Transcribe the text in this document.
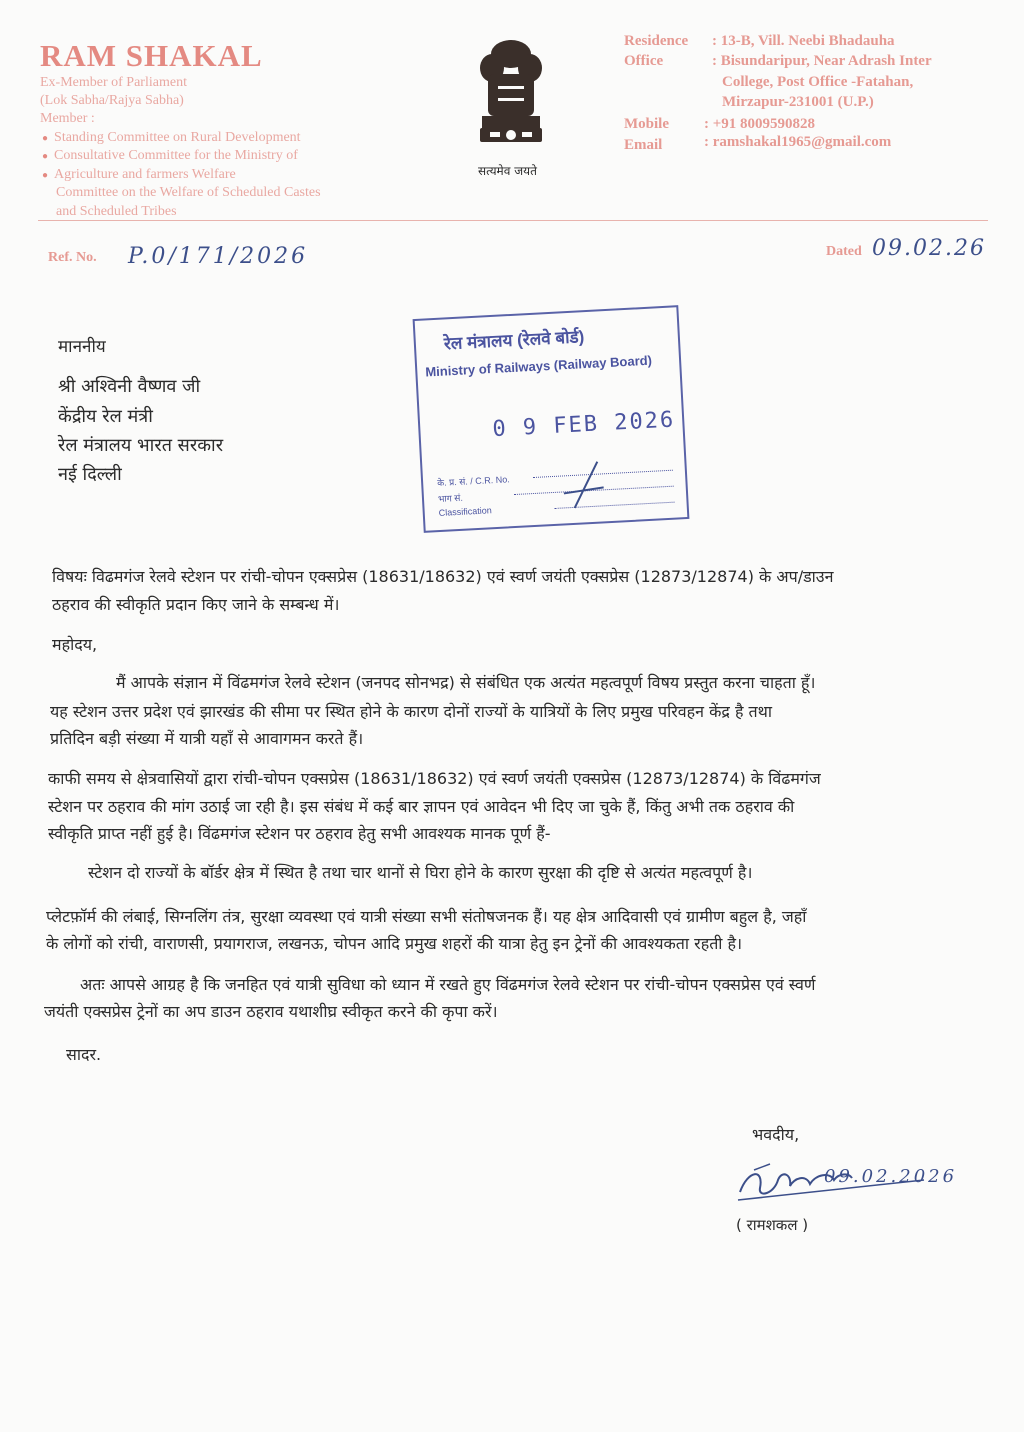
RAM SHAKAL
Ex-Member of Parliament
(Lok Sabha/Rajya Sabha)
Member :
● Standing Committee on Rural Development
● Consultative Committee for the Ministry of
● Agriculture and farmers Welfare
Committee on the Welfare of Scheduled Castes
and Scheduled Tribes
सत्यमेव जयते
Residence
Office
: 13-B, Vill. Neebi Bhadauha
: Bisundaripur, Near Adrash Inter
College, Post Office -Fatahan,
Mirzapur-231001 (U.P.)
Mobile : +91 8009590828
Email	: ramshakal1965@gmail.com
Ref. No. P.0/171/2026	Dated 09.02.26
माननीय
श्री अश्विनी वैष्णव जी
केंद्रीय रेल मंत्री
रेल मंत्रालय भारत सरकार
नई दिल्ली
रेल मंत्रालय (रेलवे बोर्ड)
Ministry of Railways (Railway Board)
0 9 FEB 2026
के. प्र. सं. / C.R. No.
भाग सं.
Classification
विषयः विढमगंज रेलवे स्टेशन पर रांची-चोपन एक्सप्रेस (18631/18632) एवं स्वर्ण जयंती एक्सप्रेस (12873/12874) के अप/डाउन
ठहराव की स्वीकृति प्रदान किए जाने के सम्बन्ध में।
महोदय,
मैं आपके संज्ञान में विंढमगंज रेलवे स्टेशन (जनपद सोनभद्र) से संबंधित एक अत्यंत महत्वपूर्ण विषय प्रस्तुत करना चाहता हूँ।
यह स्टेशन उत्तर प्रदेश एवं झारखंड की सीमा पर स्थित होने के कारण दोनों राज्यों के यात्रियों के लिए प्रमुख परिवहन केंद्र है तथा
प्रतिदिन बड़ी संख्या में यात्री यहाँ से आवागमन करते हैं।
काफी समय से क्षेत्रवासियों द्वारा रांची-चोपन एक्सप्रेस (18631/18632) एवं स्वर्ण जयंती एक्सप्रेस (12873/12874) के विंढमगंज
स्टेशन पर ठहराव की मांग उठाई जा रही है। इस संबंध में कई बार ज्ञापन एवं आवेदन भी दिए जा चुके हैं, किंतु अभी तक ठहराव की
स्वीकृति प्राप्त नहीं हुई है। विंढमगंज स्टेशन पर ठहराव हेतु सभी आवश्यक मानक पूर्ण हैं-
स्टेशन दो राज्यों के बॉर्डर क्षेत्र में स्थित है तथा चार थानों से घिरा होने के कारण सुरक्षा की दृष्टि से अत्यंत महत्वपूर्ण है।
प्लेटफ़ॉर्म की लंबाई, सिग्नलिंग तंत्र, सुरक्षा व्यवस्था एवं यात्री संख्या सभी संतोषजनक हैं। यह क्षेत्र आदिवासी एवं ग्रामीण बहुल है, जहाँ
के लोगों को रांची, वाराणसी, प्रयागराज, लखनऊ, चोपन आदि प्रमुख शहरों की यात्रा हेतु इन ट्रेनों की आवश्यकता रहती है।
अतः आपसे आग्रह है कि जनहित एवं यात्री सुविधा को ध्यान में रखते हुए विंढमगंज रेलवे स्टेशन पर रांची-चोपन एक्सप्रेस एवं स्वर्ण
जयंती एक्सप्रेस ट्रेनों का अप डाउन ठहराव यथाशीघ्र स्वीकृत करने की कृपा करें।
सादर.
भवदीय,
09.02.2026
( रामशकल )
